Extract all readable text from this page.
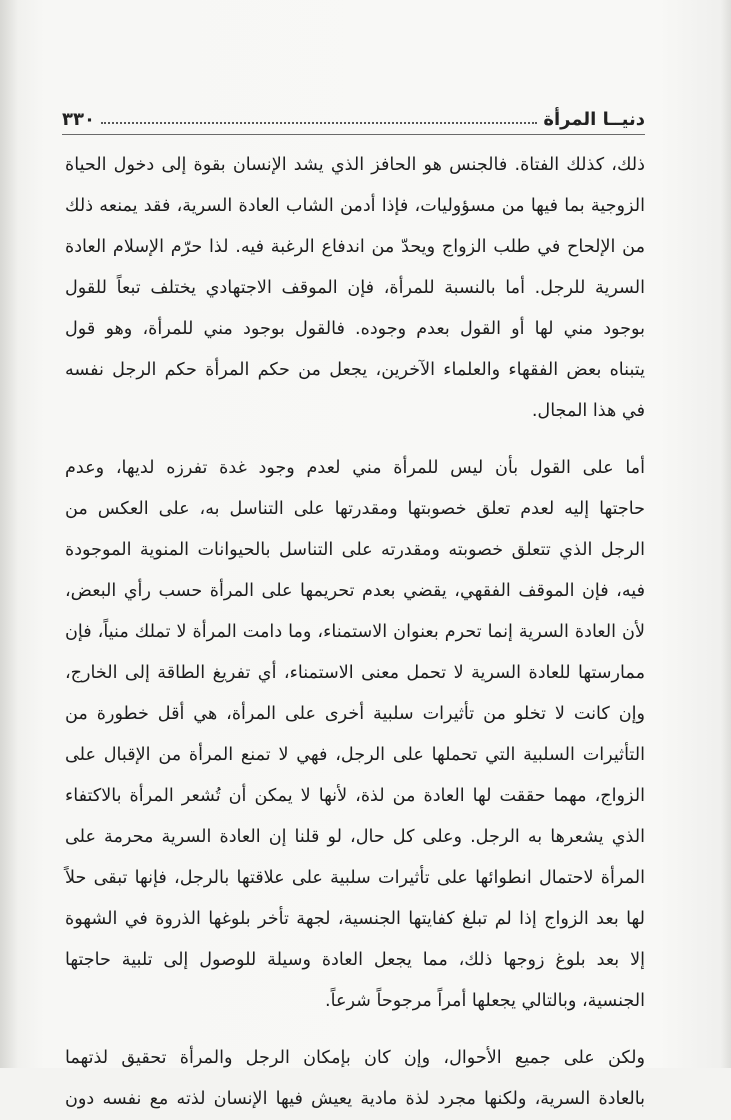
دنيــا المرأة
٣٣٠
ذلك، كذلك الفتاة. فالجنس هو الحافز الذي يشد الإنسان بقوة إلى دخول الحياة
الزوجية بما فيها من مسؤوليات، فإذا أدمن الشاب العادة السرية، فقد يمنعه ذلك
من الإلحاح في طلب الزواج ويحدّ من اندفاع الرغبة فيه. لذا حرّم الإسلام العادة
السرية للرجل. أما بالنسبة للمرأة، فإن الموقف الاجتهادي يختلف تبعاً للقول
بوجود مني لها أو القول بعدم وجوده. فالقول بوجود مني للمرأة، وهو قول
يتبناه بعض الفقهاء والعلماء الآخرين، يجعل من حكم المرأة حكم الرجل نفسه
في هذا المجال.
أما على القول بأن ليس للمرأة مني لعدم وجود غدة تفرزه لديها، وعدم
حاجتها إليه لعدم تعلق خصوبتها ومقدرتها على التناسل به، على العكس من
الرجل الذي تتعلق خصوبته ومقدرته على التناسل بالحيوانات المنوية الموجودة
فيه، فإن الموقف الفقهي، يقضي بعدم تحريمها على المرأة حسب رأي البعض،
لأن العادة السرية إنما تحرم بعنوان الاستمناء، وما دامت المرأة لا تملك منياً، فإن
ممارستها للعادة السرية لا تحمل معنى الاستمناء، أي تفريغ الطاقة إلى الخارج،
وإن كانت لا تخلو من تأثيرات سلبية أخرى على المرأة، هي أقل خطورة من
التأثيرات السلبية التي تحملها على الرجل، فهي لا تمنع المرأة من الإقبال على
الزواج، مهما حققت لها العادة من لذة، لأنها لا يمكن أن تُشعر المرأة بالاكتفاء
الذي يشعرها به الرجل. وعلى كل حال، لو قلنا إن العادة السرية محرمة على
المرأة لاحتمال انطوائها على تأثيرات سلبية على علاقتها بالرجل، فإنها تبقى حلاً
لها بعد الزواج إذا لم تبلغ كفايتها الجنسية، لجهة تأخر بلوغها الذروة في الشهوة
إلا بعد بلوغ زوجها ذلك، مما يجعل العادة وسيلة للوصول إلى تلبية حاجتها
الجنسية، وبالتالي يجعلها أمراً مرجوحاً شرعاً.
ولكن على جميع الأحوال، وإن كان بإمكان الرجل والمرأة تحقيق لذتهما
بالعادة السرية، ولكنها مجرد لذة مادية يعيش فيها الإنسان لذته مع نفسه دون
